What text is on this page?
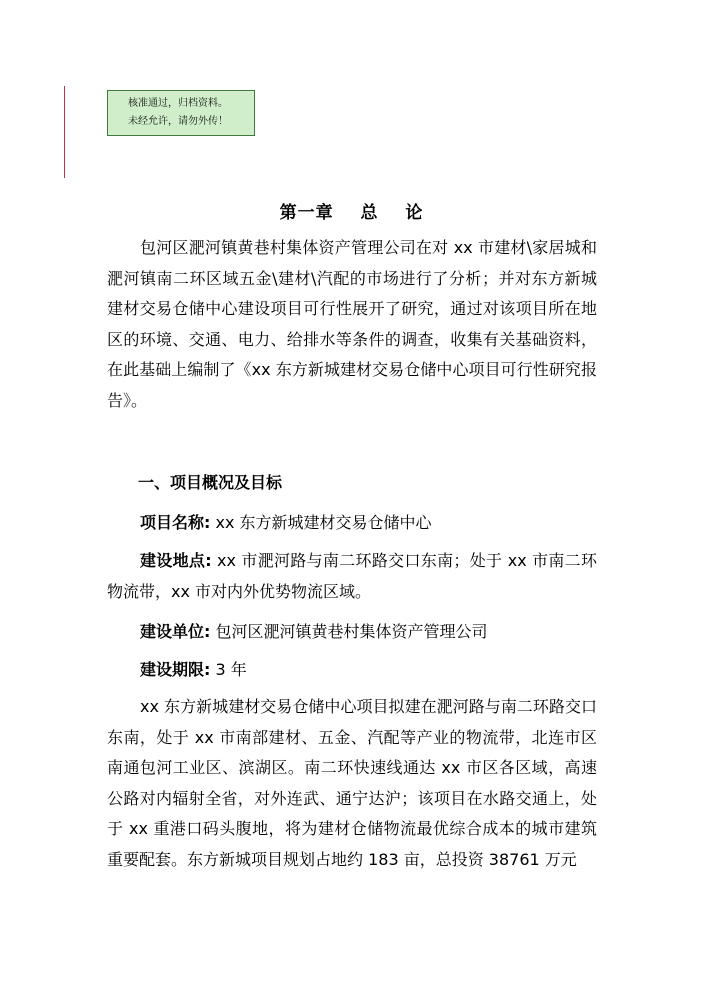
核准通过，归档资料。
未经允许，请勿外传！
第一章 总 论
包河区淝河镇黄巷村集体资产管理公司在对 xx 市建材\家居城和淝河镇南二环区域五金\建材\汽配的市场进行了分析；并对东方新城建材交易仓储中心建设项目可行性展开了研究，通过对该项目所在地区的环境、交通、电力、给排水等条件的调查，收集有关基础资料，在此基础上编制了《xx 东方新城建材交易仓储中心项目可行性研究报告》。
一、项目概况及目标
项目名称: xx 东方新城建材交易仓储中心
建设地点: xx 市淝河路与南二环路交口东南；处于 xx 市南二环物流带，xx 市对内外优势物流区域。
建设单位: 包河区淝河镇黄巷村集体资产管理公司
建设期限: 3 年
xx 东方新城建材交易仓储中心项目拟建在淝河路与南二环路交口东南，处于 xx 市南部建材、五金、汽配等产业的物流带，北连市区南通包河工业区、滨湖区。南二环快速线通达 xx 市区各区域，高速公路对内辐射全省，对外连武、通宁达沪；该项目在水路交通上，处于 xx 重港口码头腹地，将为建材仓储物流最优综合成本的城市建筑重要配套。东方新城项目规划占地约 183 亩，总投资 38761 万元
